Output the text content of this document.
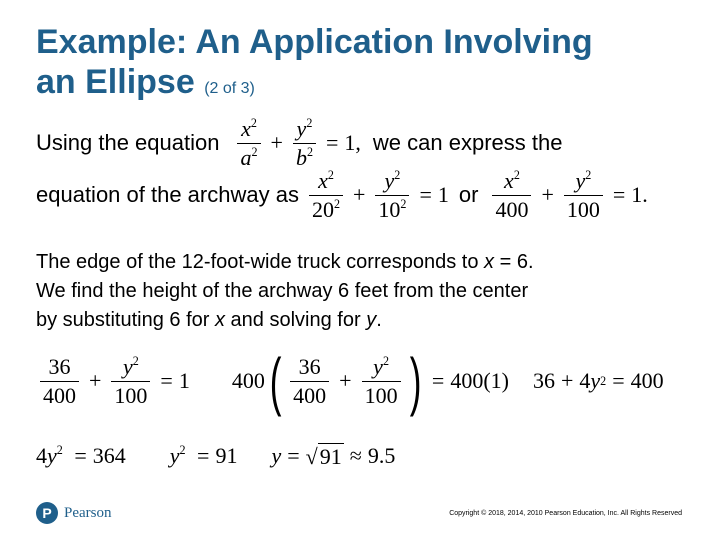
Example: An Application Involving
an Ellipse (2 of 3)
Using the equation $\frac{x^2}{a^2} + \frac{y^2}{b^2} = 1$, we can express the
equation of the archway as $\frac{x^2}{20^2} + \frac{y^2}{10^2} = 1$ or $\frac{x^2}{400} + \frac{y^2}{100} = 1$.
The edge of the 12-foot-wide truck corresponds to x = 6.
We find the height of the archway 6 feet from the center
by substituting 6 for x and solving for y.
$\frac{36}{400} + \frac{y^2}{100} = 1$ 400 ( $\frac{36}{400} + \frac{y^2}{100}$ ) = 400(1) 36 + 4 y 2 = 400
$4y^2 = 364$ $y^2 = 91$ y = √ 91 ≈ 9.5
P Pearson	Copyright © 2018, 2014, 2010 Pearson Education, Inc. All Rights Reserved
